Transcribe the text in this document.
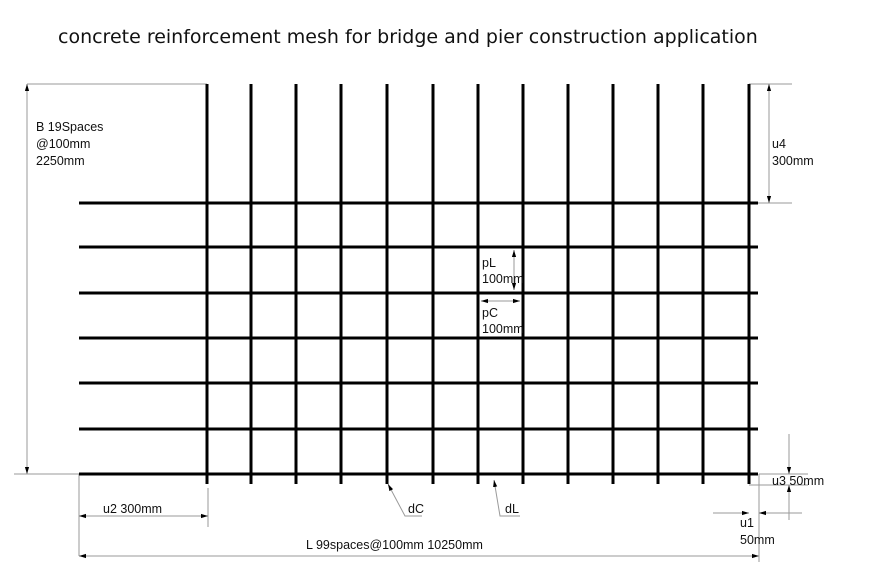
concrete reinforcement mesh for bridge and pier construction application
B 19Spaces
@100mm
2250mm
u4
300mm
pL
100mm
pC
100mm
u2 300mm	dC	dL
u3 50mm
u1
50mm
L 99spaces@100mm 10250mm
